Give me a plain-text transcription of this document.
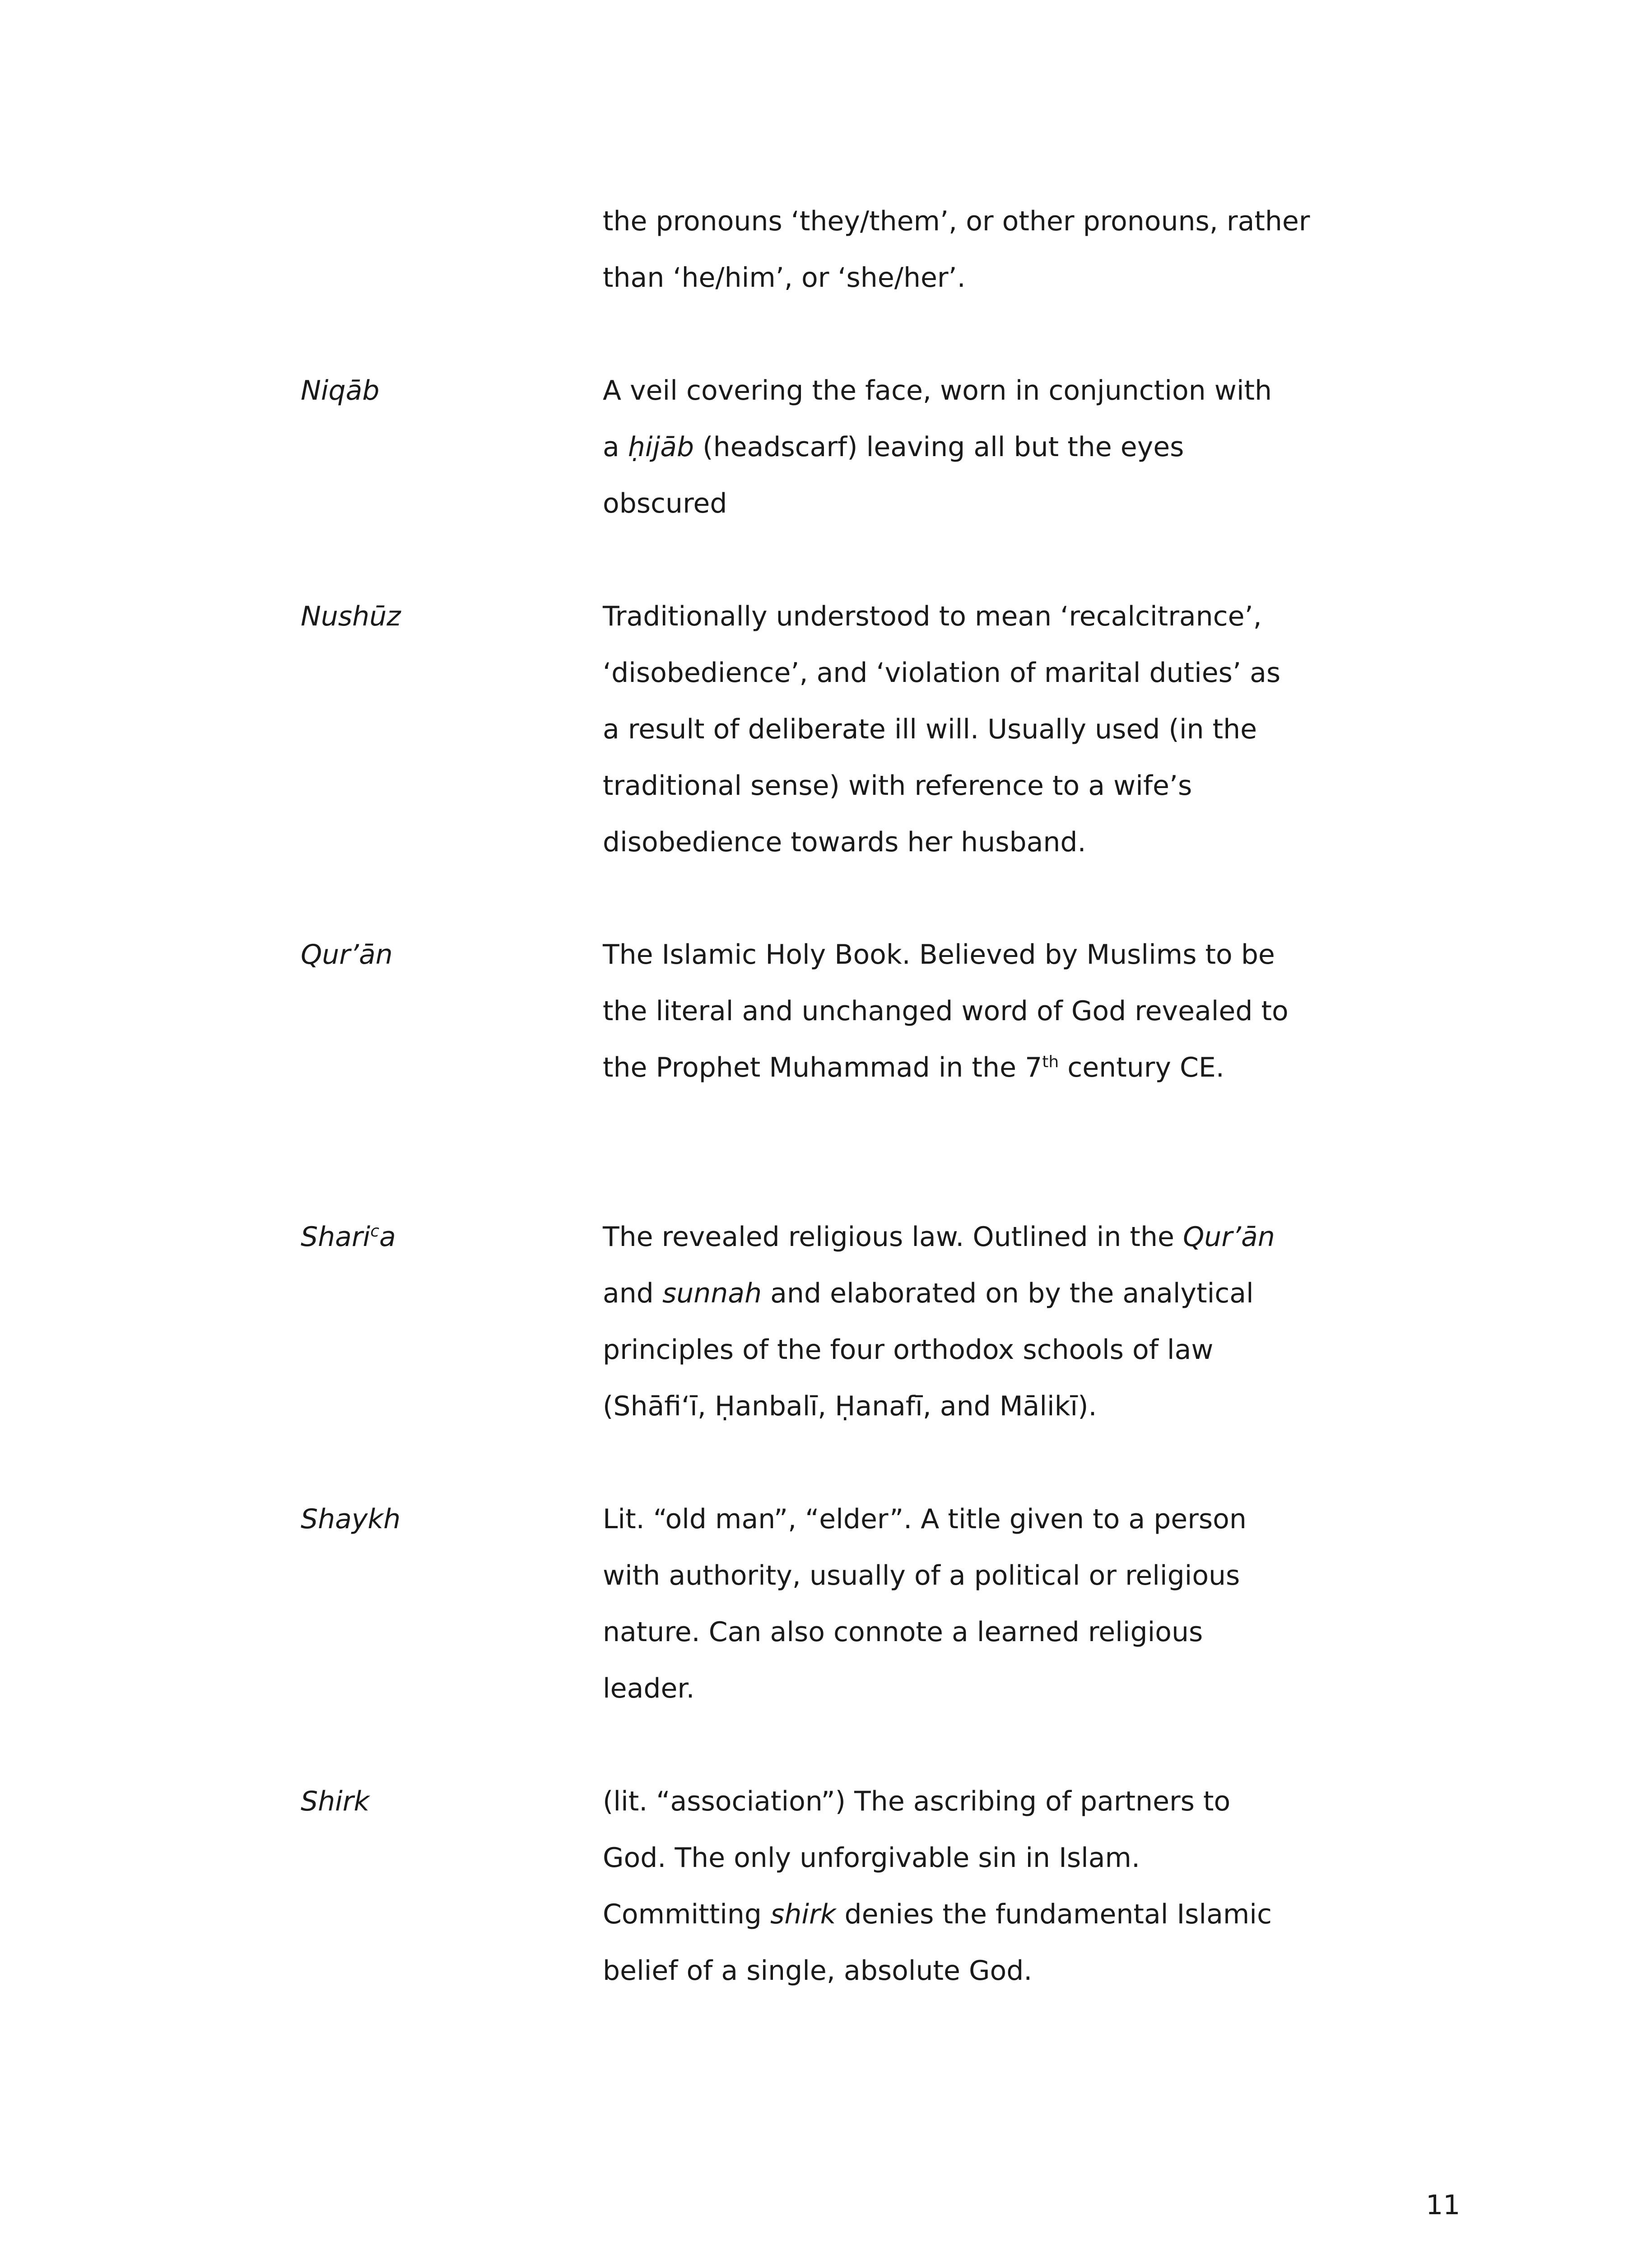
the pronouns ‘they/them’, or other pronouns, rather
than ‘he/him’, or ‘she/her’.
Niqāb	A veil covering the face, worn in conjunction with
a ḥijāb (headscarf) leaving all but the eyes
obscured
Nushūz	Traditionally understood to mean ‘recalcitrance’,
‘disobedience’, and ‘violation of marital duties’ as
a result of deliberate ill will. Usually used (in the
traditional sense) with reference to a wife’s
disobedience towards her husband.
Qur’ān	The Islamic Holy Book. Believed by Muslims to be
the literal and unchanged word of God revealed to
the Prophet Muhammad in the 7th century CE.
Shari$^c$a	The revealed religious law. Outlined in the Qur’ān
and sunnah and elaborated on by the analytical
principles of the four orthodox schools of law
(Shāfi‘ī, Ḥanbalī, Ḥanafī, and Mālikī).
Shaykh	Lit. “old man”, “elder”. A title given to a person
with authority, usually of a political or religious
nature. Can also connote a learned religious
leader.
Shirk	(lit. “association”) The ascribing of partners to
God. The only unforgivable sin in Islam.
Committing shirk denies the fundamental Islamic
belief of a single, absolute God.
11
